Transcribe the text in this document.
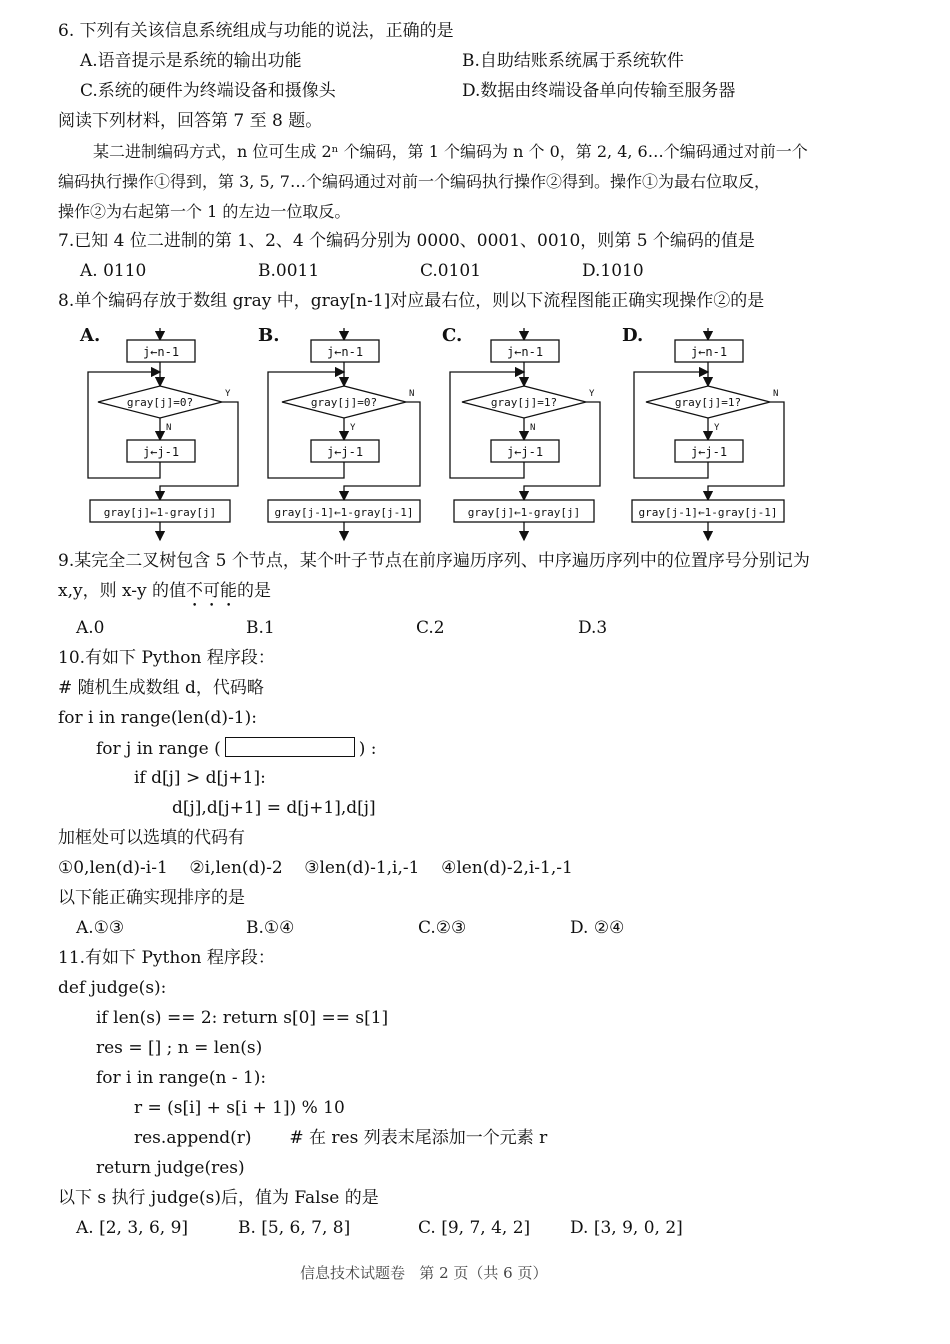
6. 下列有关该信息系统组成与功能的说法，正确的是
A.语音提示是系统的输出功能	B.自助结账系统属于系统软件
C.系统的硬件为终端设备和摄像头	D.数据由终端设备单向传输至服务器
阅读下列材料，回答第 7 至 8 题。
某二进制编码方式，n 位可生成 2ⁿ 个编码，第 1 个编码为 n 个 0，第 2, 4, 6…个编码通过对前一个
编码执行操作①得到，第 3, 5, 7…个编码通过对前一个编码执行操作②得到。操作①为最右位取反，
操作②为右起第一个 1 的左边一位取反。
7.已知 4 位二进制的第 1、2、4 个编码分别为 0000、0001、0010，则第 5 个编码的值是
A. 0110	B.0011	C.0101	D.1010
8.单个编码存放于数组 gray 中，gray[n-1]对应最右位，则以下流程图能正确实现操作②的是
A.	B.	C.	D.
j←n-1
gray[j]=0?
N
j←j-1
Y
gray[j]←1-gray[j]
j←n-1
gray[j]=0?
Y
j←j-1
N
gray[j-1]←1-gray[j-1]
j←n-1
gray[j]=1?
N
j←j-1
Y
gray[j]←1-gray[j]
j←n-1
gray[j]=1?
Y
j←j-1
N
gray[j-1]←1-gray[j-1]
9.某完全二叉树包含 5 个节点，某个叶子节点在前序遍历序列、中序遍历序列中的位置序号分别记为
x,y，则 x-y 的值不可能的是
A.0	B.1	C.2	D.3
10.有如下 Python 程序段：
# 随机生成数组 d，代码略
for i in range(len(d)-1):
for j in range (	) :
if d[j] > d[j+1]:
d[j],d[j+1] = d[j+1],d[j]
加框处可以选填的代码有
①0,len(d)-i-1    ②i,len(d)-2    ③len(d)-1,i,-1    ④len(d)-2,i-1,-1
以下能正确实现排序的是
A.①③	B.①④	C.②③	D. ②④
11.有如下 Python 程序段：
def judge(s):
if len(s) == 2: return s[0] == s[1]
res = [] ; n = len(s)
for i in range(n - 1):
r = (s[i] + s[i + 1]) % 10
res.append(r)       # 在 res 列表末尾添加一个元素 r
return judge(res)
以下 s 执行 judge(s)后，值为 False 的是
A. [2, 3, 6, 9]	B. [5, 6, 7, 8]	C. [9, 7, 4, 2] D. [3, 9, 0, 2]
信息技术试题卷   第 2 页（共 6 页）
